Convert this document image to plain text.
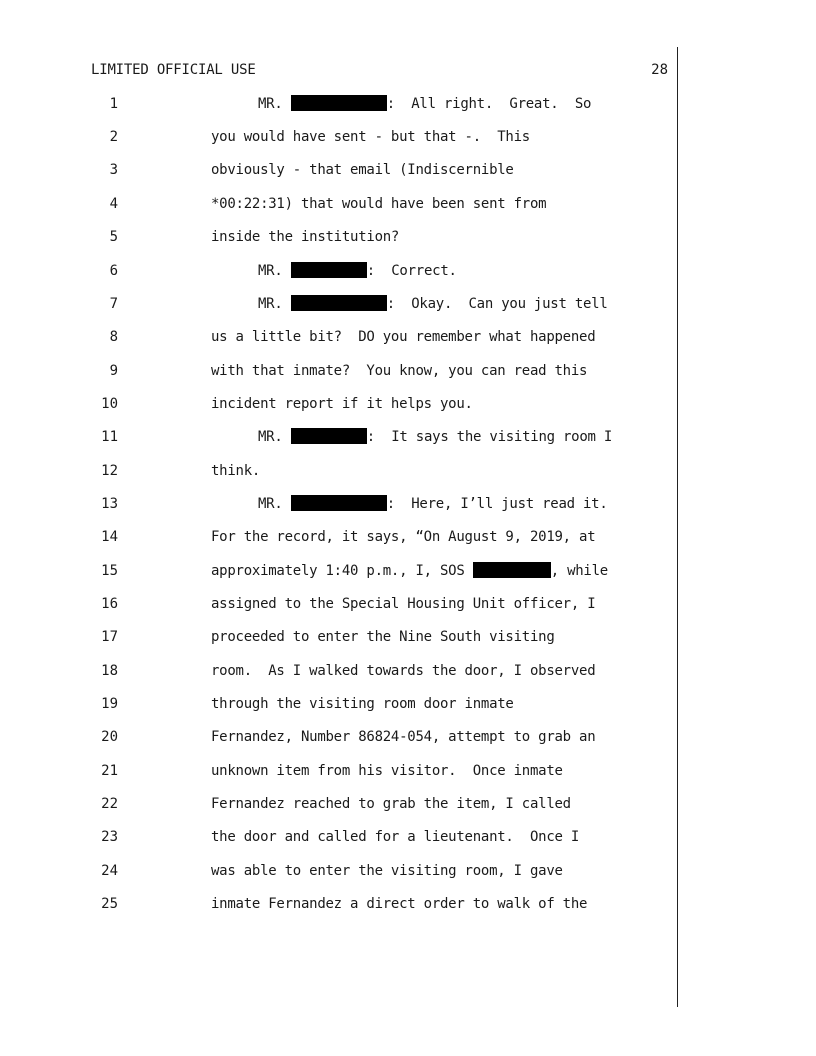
LIMITED OFFICIAL USE	28
1	MR.	:  All right.  Great.  So
2	you would have sent - but that -.  This
3	obviously - that email (Indiscernible
4	*00:22:31) that would have been sent from
5	inside the institution?
6	MR.	:  Correct.
7	MR.	:  Okay.  Can you just tell
8	us a little bit?  DO you remember what happened
9	with that inmate?  You know, you can read this
10	incident report if it helps you.
11	MR.	:  It says the visiting room I
12	think.
13	MR.	:  Here, I’ll just read it.
14	For the record, it says, “On August 9, 2019, at
15	approximately 1:40 p.m., I, SOS	, while
16	assigned to the Special Housing Unit officer, I
17	proceeded to enter the Nine South visiting
18	room.  As I walked towards the door, I observed
19	through the visiting room door inmate
20	Fernandez, Number 86824-054, attempt to grab an
21	unknown item from his visitor.  Once inmate
22	Fernandez reached to grab the item, I called
23	the door and called for a lieutenant.  Once I
24	was able to enter the visiting room, I gave
25	inmate Fernandez a direct order to walk of the
